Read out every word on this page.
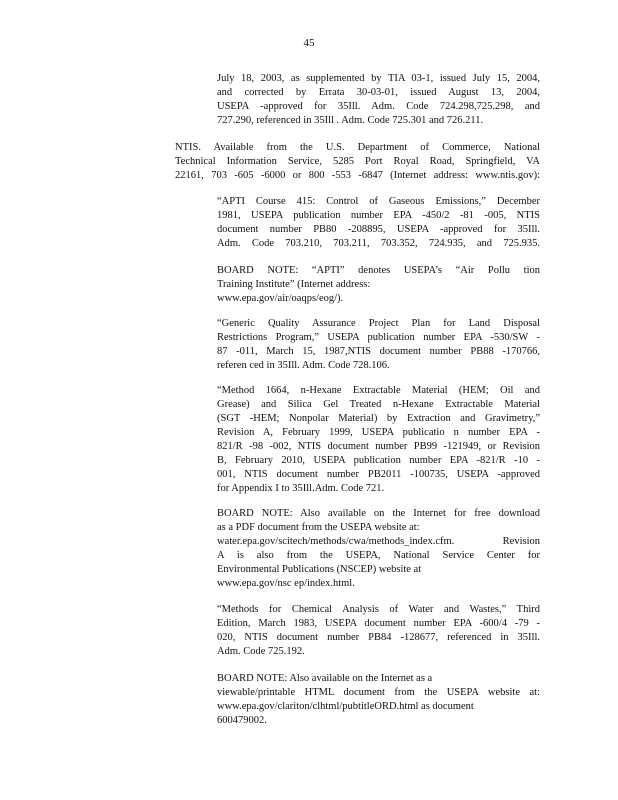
45
July 18, 2003, as supplemented by TIA 03-1, issued July 15, 2004,
and corrected by Errata 30-03-01, issued August 13, 2004,
USEPA -approved for 35Ill. Adm. Code 724.298,725.298, and
727.290, referenced in 35Ill . Adm. Code 725.301 and 726.211.
NTIS. Available from the U.S. Department of Commerce, National
Technical Information Service, 5285 Port Royal Road, Springfield, VA
22161, 703 -605 -6000 or 800 -553 -6847 (Internet address: www.ntis.gov):
“APTI Course 415: Control of Gaseous Emissions,” December
1981, USEPA publication number EPA -450/2 -81 -005, NTIS
document number PB80 -208895, USEPA -approved for 35Ill.
Adm. Code 703.210, 703.211, 703.352, 724.935, and 725.935.
BOARD NOTE: “APTI” denotes USEPA’s “Air Pollu tion
Training Institute” (Internet address:
www.epa.gov/air/oaqps/eog/).
“Generic Quality Assurance Project Plan for Land Disposal
Restrictions Program,” USEPA publication number EPA -530/SW -
87 -011, March 15, 1987,NTIS document number PB88 -170766,
referen ced in 35Ill. Adm. Code 728.106.
“Method 1664, n-Hexane Extractable Material (HEM; Oil and
Grease) and Silica Gel Treated n-Hexane Extractable Material
(SGT -HEM; Nonpolar Material) by Extraction and Gravimetry,”
Revision A, February 1999, USEPA publicatio n number EPA -
821/R -98 -002, NTIS document number PB99 -121949, or Revision
B, February 2010, USEPA publication number EPA -821/R -10 -
001, NTIS document number PB2011 -100735, USEPA -approved
for Appendix I to 35Ill.Adm. Code 721.
BOARD NOTE: Also available on the Internet for free download
as a PDF document from the USEPA website at:
water.epa.gov/scitech/methods/cwa/methods_index.cfm. Revision
A is also from the USEPA, National Service Center for
Environmental Publications (NSCEP) website at
www.epa.gov/nsc ep/index.html.
“Methods for Chemical Analysis of Water and Wastes,” Third
Edition, March 1983, USEPA document number EPA -600/4 -79 -
020, NTIS document number PB84 -128677, referenced in 35Ill.
Adm. Code 725.192.
BOARD NOTE: Also available on the Internet as a
viewable/printable HTML document from the USEPA website at:
www.epa.gov/clariton/clhtml/pubtitleORD.html as document
600479002.
